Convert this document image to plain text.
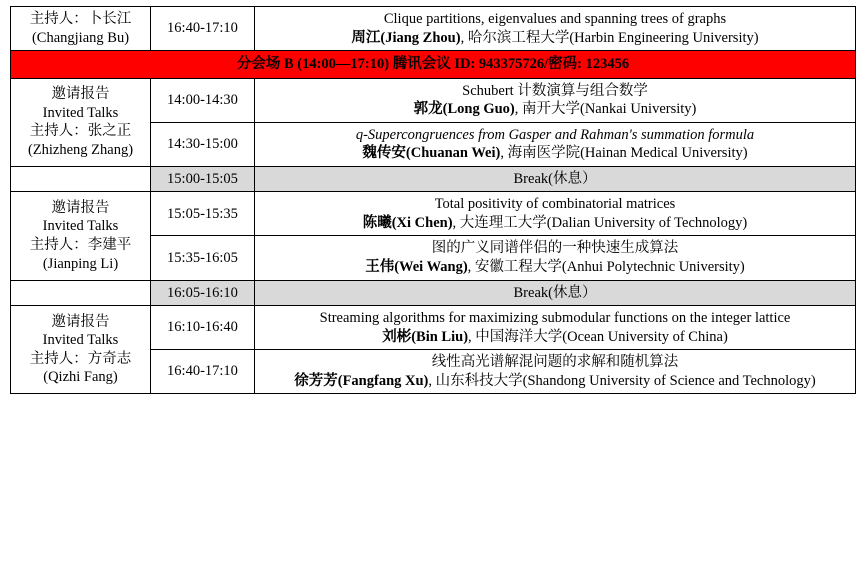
主持人：卜长江
(Changjiang Bu)	16:40-17:10	Clique partitions, eigenvalues and spanning trees of graphs
周江(Jiang Zhou), 哈尔滨工程大学(Harbin Engineering University)

分会场 B (14:00—17:10) 腾讯会议 ID: 943375726/密码: 123456		

邀请报告
Invited Talks
主持人：张之正
(Zhizheng Zhang)	14:00-14:30	Schubert 计数演算与组合数学
郭龙(Long Guo), 南开大学(Nankai University)

	14:30-15:00	q-Supercongruences from Gasper and Rahman's summation formula
魏传安(Chuanan Wei), 海南医学院(Hainan Medical University)

	15:00-15:05	Break(休息）

邀请报告
Invited Talks
主持人：李建平
(Jianping Li)	15:05-15:35	Total positivity of combinatorial matrices
陈曦(Xi Chen), 大连理工大学(Dalian University of Technology)

	15:35-16:05	图的广义同谱伴侣的一种快速生成算法
王伟(Wei Wang), 安徽工程大学(Anhui Polytechnic University)

	16:05-16:10	Break(休息）

邀请报告
Invited Talks
主持人：方奇志
(Qizhi Fang)	16:10-16:40	Streaming algorithms for maximizing submodular functions on the integer lattice
刘彬(Bin Liu), 中国海洋大学(Ocean University of China)

	16:40-17:10	线性高光谱解混问题的求解和随机算法
徐芳芳(Fangfang Xu), 山东科技大学(Shandong University of Science and Technology)
